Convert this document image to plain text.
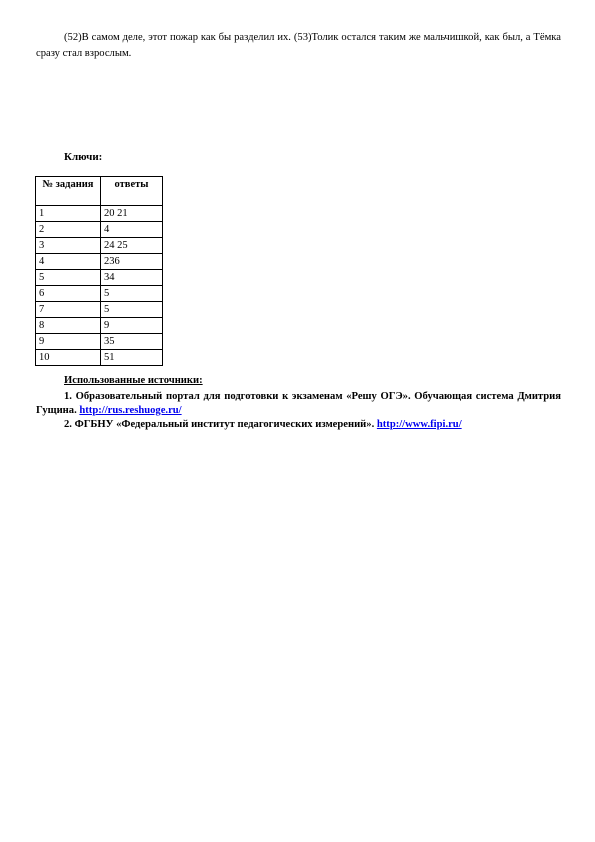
(52)В самом деле, этот пожар как бы разделил их. (53)Толик остался таким же мальчишкой, как был, а Тёмка сразу стал взрослым.

Ключи:

№ задания	ответы
1	20 21
2	4
3	24 25
4	236
5	34
6	5
7	5
8	9
9	35
10	51

Использованные источники:

1. Образовательный портал для подготовки к экзаменам «Решу ОГЭ». Обучающая система Дмитрия Гущина. http://rus.reshuoge.ru/

2. ФГБНУ «Федеральный институт педагогических измерений». http://www.fipi.ru/
